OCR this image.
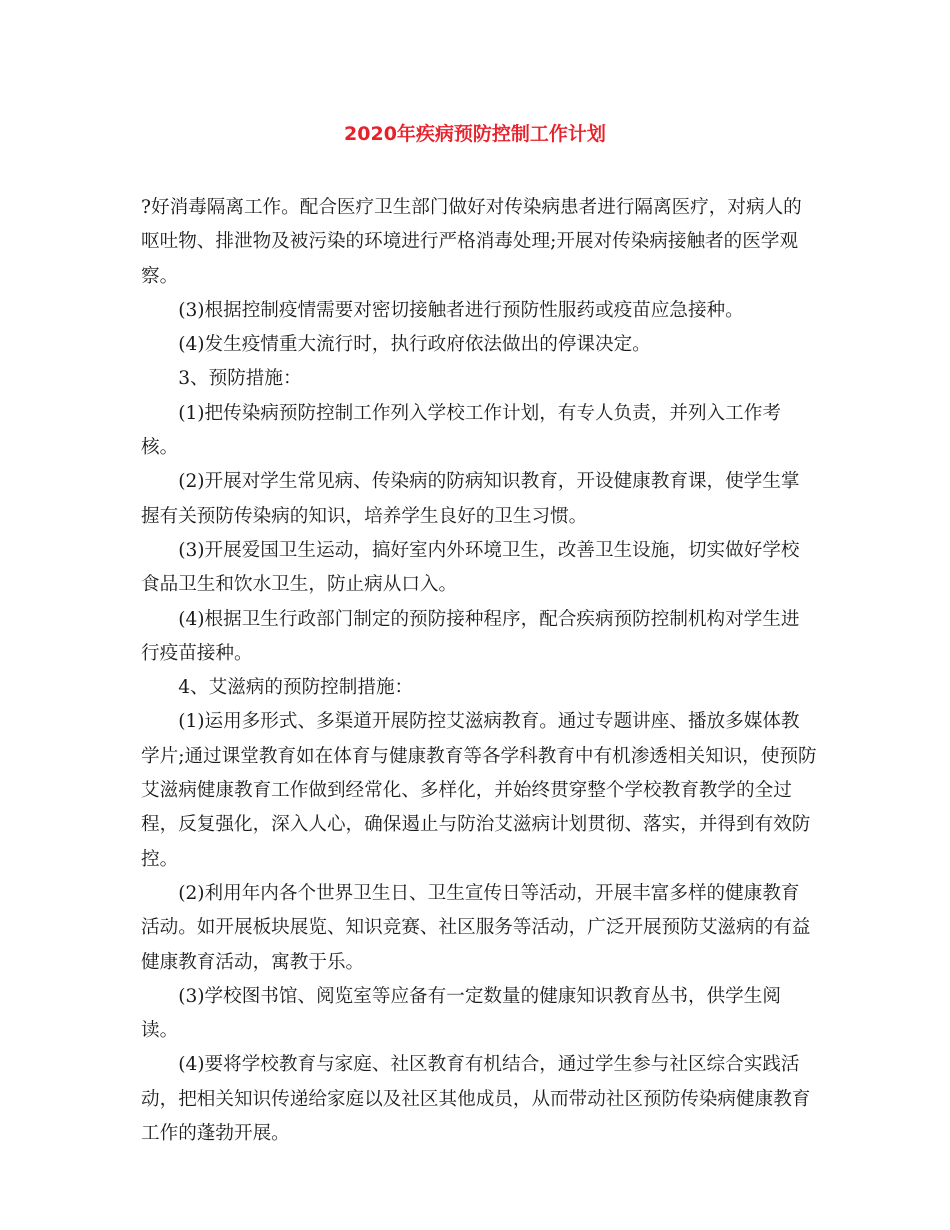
2020年疾病预防控制工作计划

?好消毒隔离工作。配合医疗卫生部门做好对传染病患者进行隔离医疗，对病人的呕吐物、排泄物及被污染的环境进行严格消毒处理;开展对传染病接触者的医学观察。

(3)根据控制疫情需要对密切接触者进行预防性服药或疫苗应急接种。

(4)发生疫情重大流行时，执行政府依法做出的停课决定。

3、预防措施：

(1)把传染病预防控制工作列入学校工作计划，有专人负责，并列入工作考核。

(2)开展对学生常见病、传染病的防病知识教育，开设健康教育课，使学生掌握有关预防传染病的知识，培养学生良好的卫生习惯。

(3)开展爱国卫生运动，搞好室内外环境卫生，改善卫生设施，切实做好学校食品卫生和饮水卫生，防止病从口入。

(4)根据卫生行政部门制定的预防接种程序，配合疾病预防控制机构对学生进行疫苗接种。

4、艾滋病的预防控制措施：

(1)运用多形式、多渠道开展防控艾滋病教育。通过专题讲座、播放多媒体教学片;通过课堂教育如在体育与健康教育等各学科教育中有机渗透相关知识，使预防艾滋病健康教育工作做到经常化、多样化，并始终贯穿整个学校教育教学的全过程，反复强化，深入人心，确保遏止与防治艾滋病计划贯彻、落实，并得到有效防控。

(2)利用年内各个世界卫生日、卫生宣传日等活动，开展丰富多样的健康教育活动。如开展板块展览、知识竞赛、社区服务等活动，广泛开展预防艾滋病的有益健康教育活动，寓教于乐。

(3)学校图书馆、阅览室等应备有一定数量的健康知识教育丛书，供学生阅读。

(4)要将学校教育与家庭、社区教育有机结合，通过学生参与社区综合实践活动，把相关知识传递给家庭以及社区其他成员，从而带动社区预防传染病健康教育工作的蓬勃开展。
